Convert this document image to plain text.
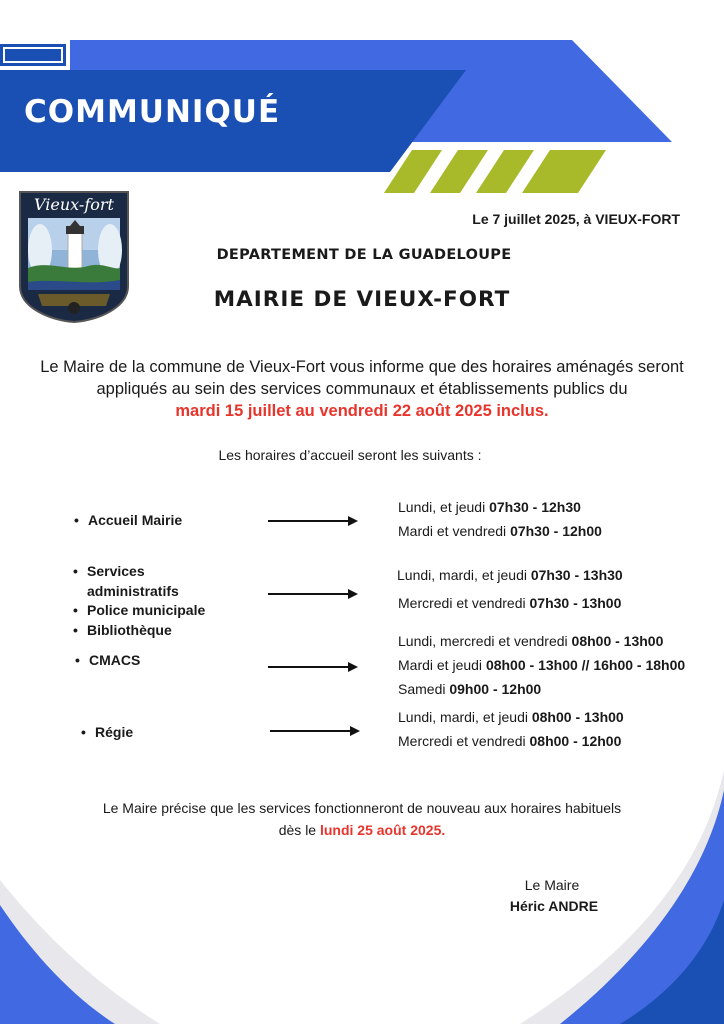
COMMUNIQUÉ
Vieux-fort
Le 7 juillet 2025, à VIEUX-FORT
DEPARTEMENT DE LA GUADELOUPE
MAIRIE DE VIEUX-FORT
Le Maire de la commune de Vieux-Fort vous informe que des horaires aménagés seront appliqués au sein des services communaux et établissements publics du
mardi 15 juillet au vendredi 22 août 2025 inclus.
Les horaires d’accueil seront les suivants :
• Accueil Mairie
Lundi, et jeudi 07h30 - 12h30
Mardi et vendredi 07h30 - 12h00
• Services administratifs
• Police municipale
• Bibliothèque
Lundi, mardi, et jeudi 07h30 - 13h30
Mercredi et vendredi 07h30 - 13h00
• CMACS
Lundi, mercredi et vendredi 08h00 - 13h00
Mardi et jeudi 08h00 - 13h00 // 16h00 - 18h00
Samedi 09h00 - 12h00
• Régie
Lundi, mardi, et jeudi 08h00 - 13h00
Mercredi et vendredi 08h00 - 12h00
Le Maire précise que les services fonctionneront de nouveau aux horaires habituels
dès le lundi 25 août 2025.
Le Maire
Héric ANDRE
